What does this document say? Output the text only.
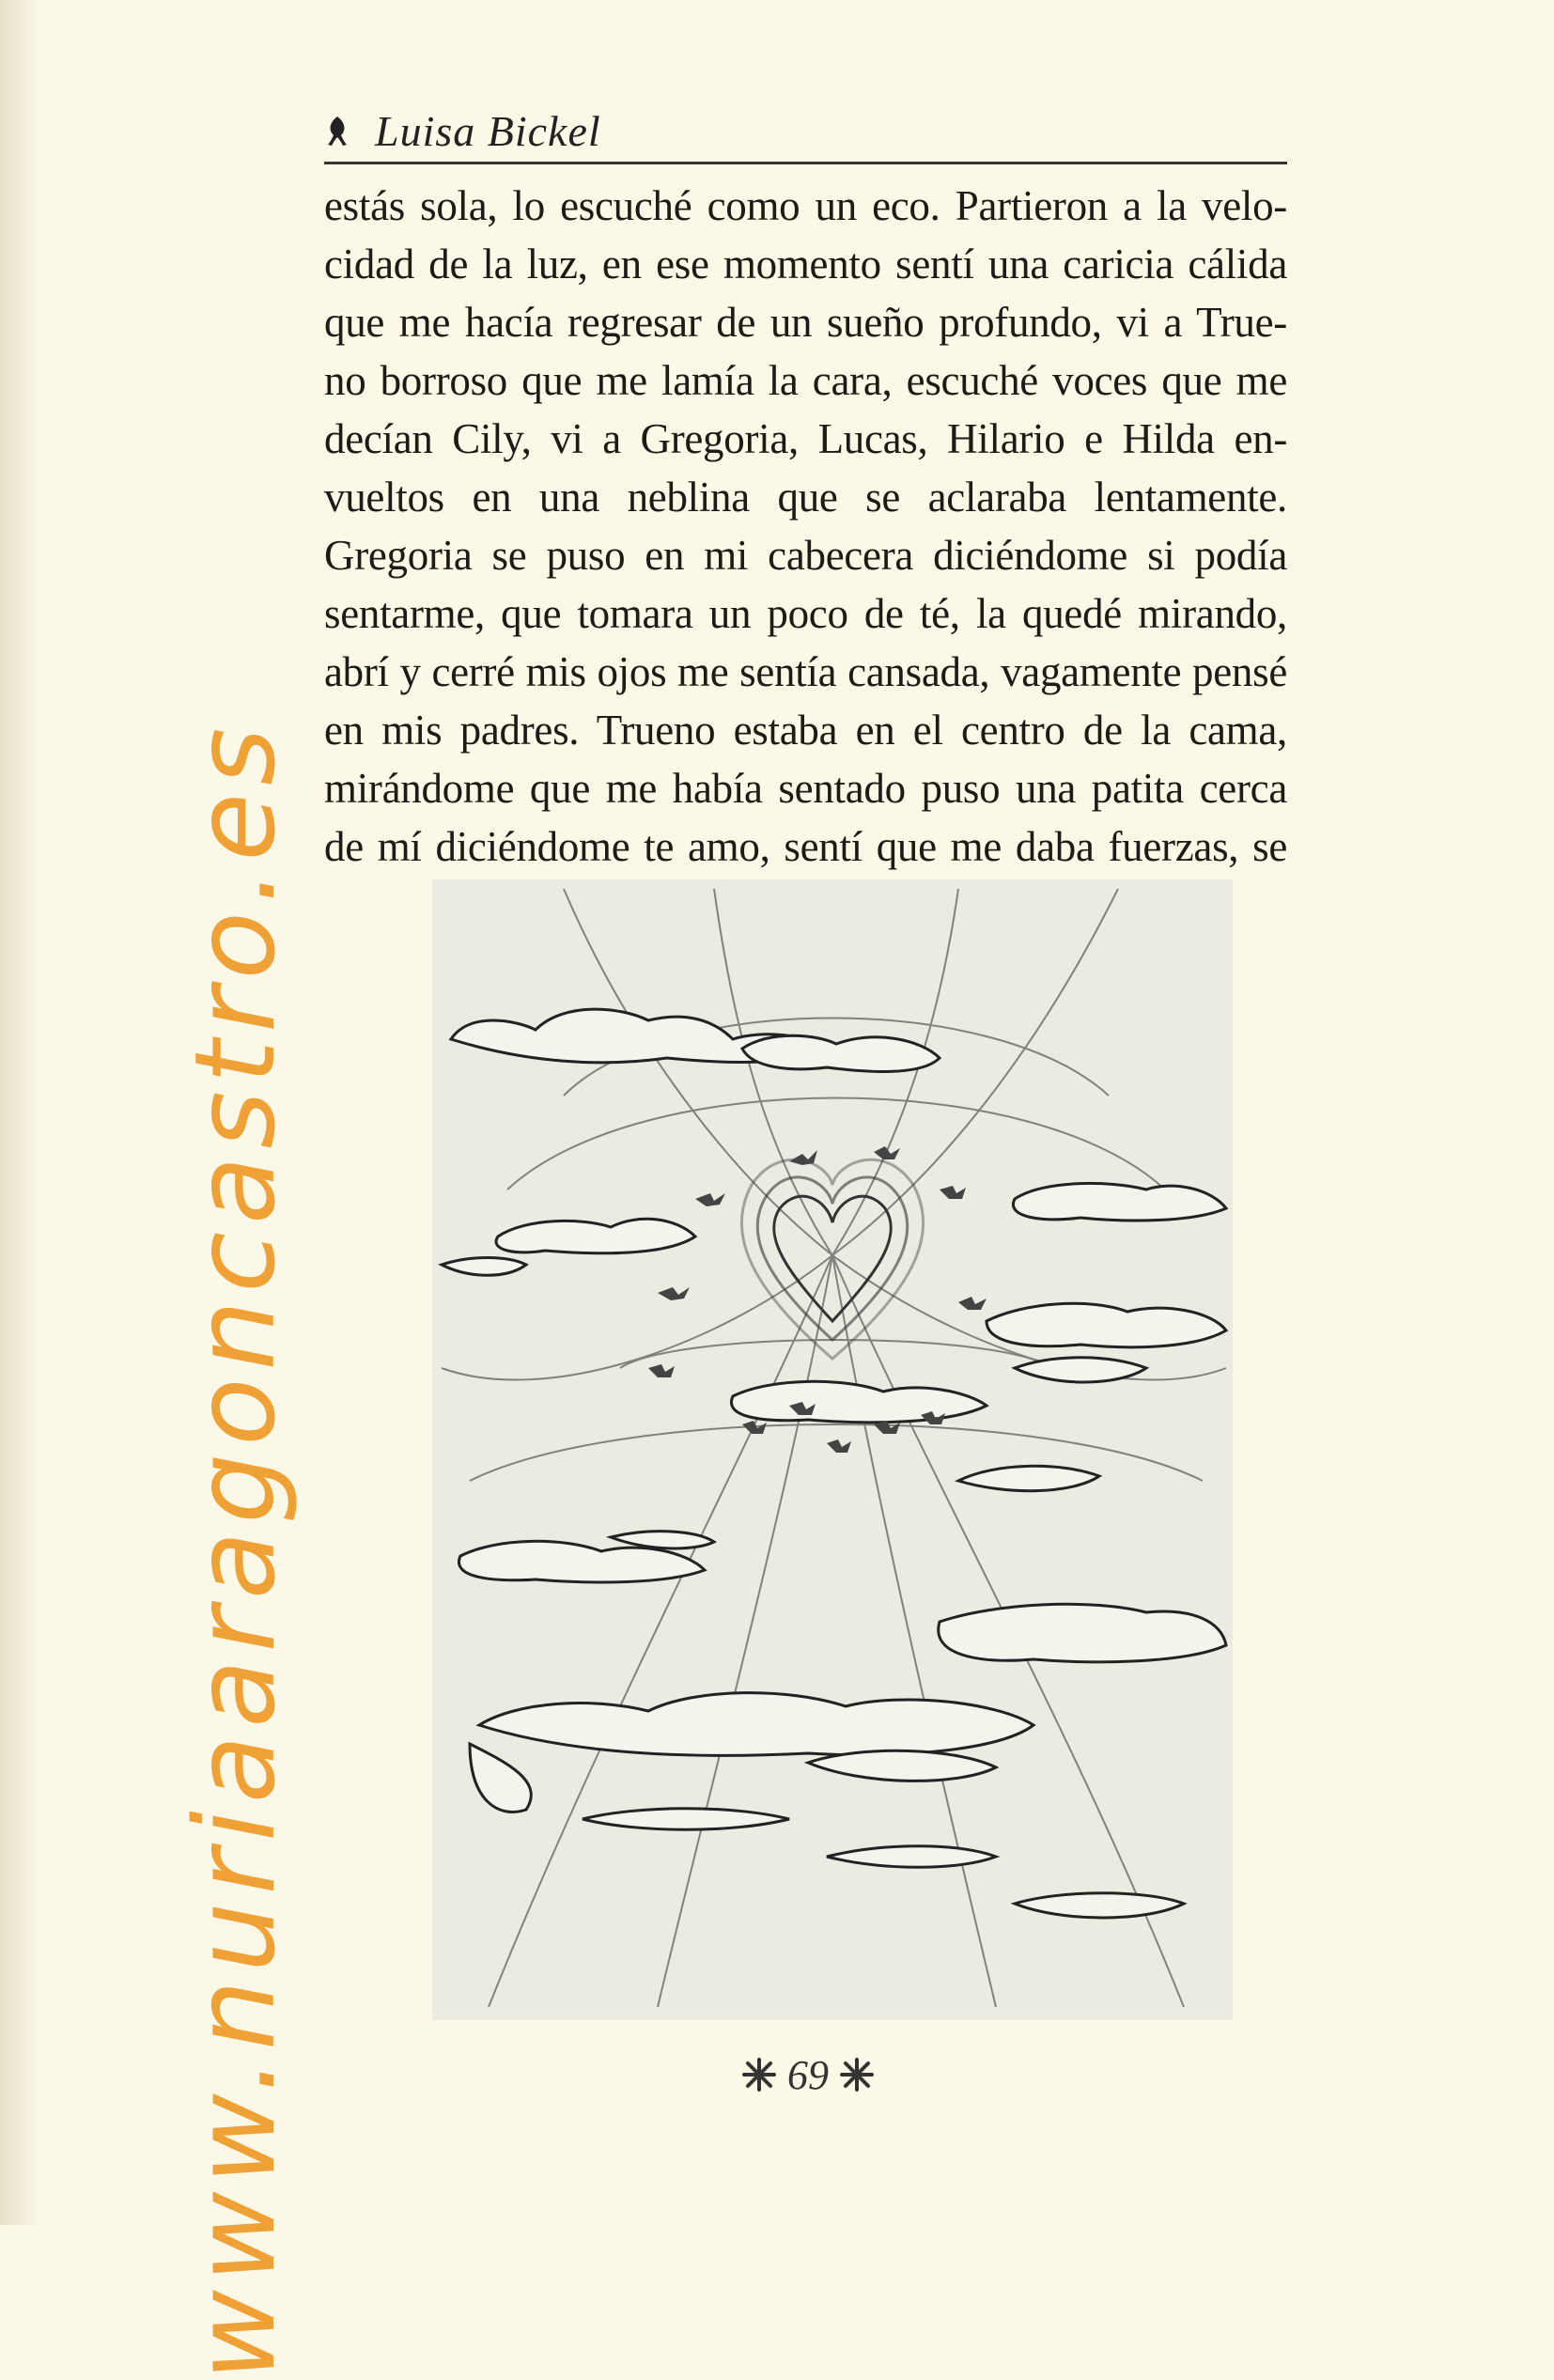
Luisa Bickel
estás sola, lo escuché como un eco. Partieron a la velo-
cidad de la luz, en ese momento sentí una caricia cálida
que me hacía regresar de un sueño profundo, vi a True-
no borroso que me lamía la cara, escuché voces que me
decían Cily, vi a Gregoria, Lucas, Hilario e Hilda en-
vueltos en una neblina que se aclaraba lentamente.
Gregoria se puso en mi cabecera diciéndome si podía
sentarme, que tomara un poco de té, la quedé mirando,
abrí y cerré mis ojos me sentía cansada, vagamente pensé
en mis padres. Trueno estaba en el centro de la cama,
mirándome que me había sentado puso una patita cerca
de mí diciéndome te amo, sentí que me daba fuerzas, se
69
www.nuriaaragoncastro.es
